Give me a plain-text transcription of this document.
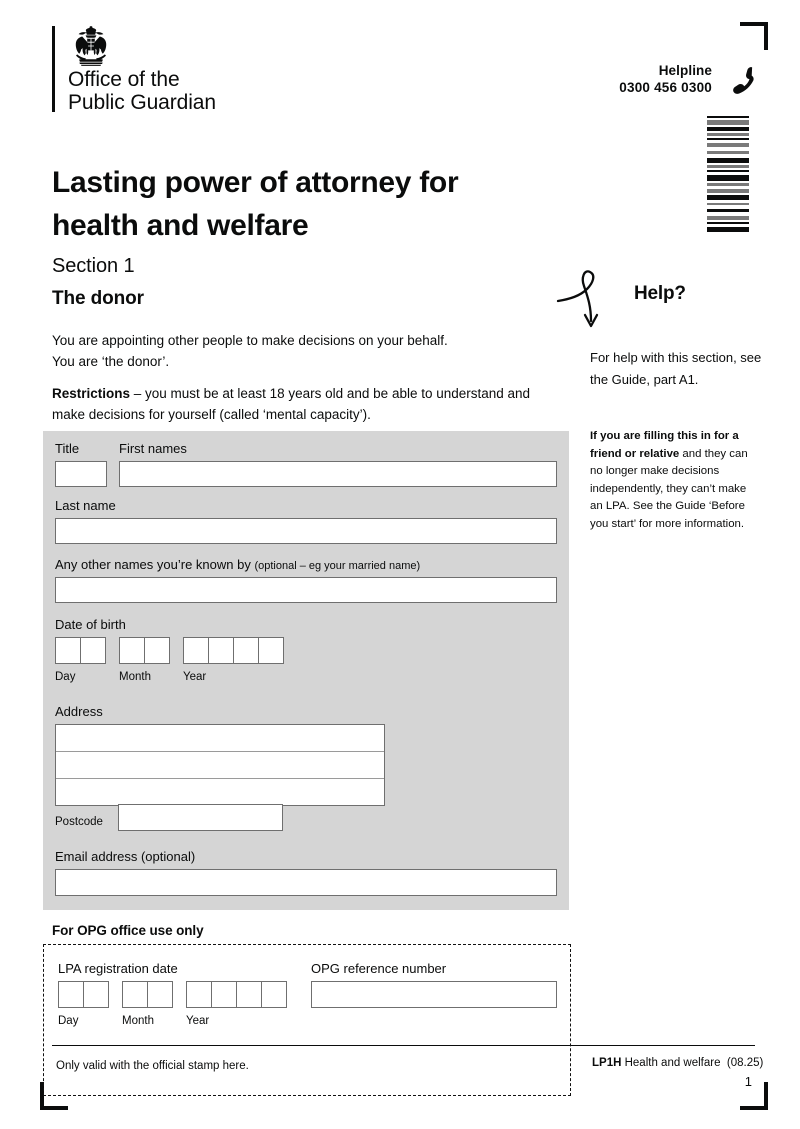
Office of the
Public Guardian
Helpline
0300 456 0300
Lasting power of attorney for health and welfare
Section 1
The donor
You are appointing other people to make decisions on your behalf.
You are ‘the donor’.
Restrictions – you must be at least 18 years old and be able to understand and make decisions for yourself (called ‘mental capacity’).
Help?
For help with this section, see the Guide, part A1.
If you are filling this in for a friend or relative and they can no longer make decisions independently, they can’t make an LPA. See the Guide ‘Before you start’ for more information.
Title	First names
Last name
Any other names you’re known by (optional – eg your married name)
Date of birth
Day	Month	Year
Address
Postcode
Email address (optional)
For OPG office use only
LPA registration date
Day	Month	Year
OPG reference number
Only valid with the official stamp here.	LP1H Health and welfare (08.25)
1
